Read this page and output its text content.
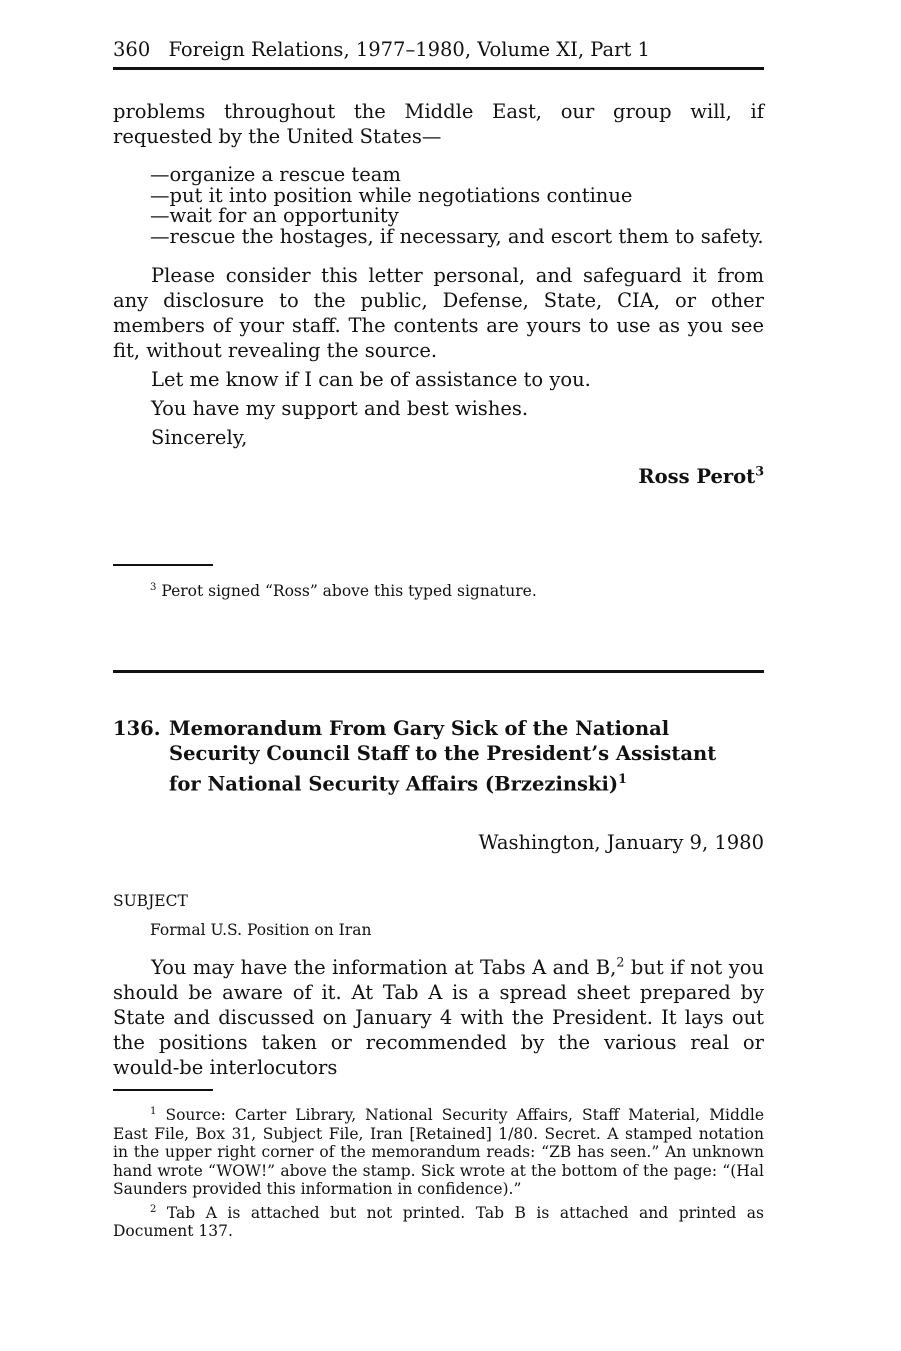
360 Foreign Relations, 1977–1980, Volume XI, Part 1

problems throughout the Middle East, our group will, if requested by the United States—

—organize a rescue team
—put it into position while negotiations continue
—wait for an opportunity
—rescue the hostages, if necessary, and escort them to safety.

Please consider this letter personal, and safeguard it from any disclosure to the public, Defense, State, CIA, or other members of your staff. The contents are yours to use as you see fit, without revealing the source.

Let me know if I can be of assistance to you.

You have my support and best wishes.

Sincerely,

Ross Perot$^3$
$^3$ Perot signed “Ross” above this typed signature.
136. Memorandum From Gary Sick of the National Security Council Staff to the President’s Assistant for National Security Affairs (Brzezinski)$^1$
Washington, January 9, 1980
SUBJECT
Formal U.S. Position on Iran

You may have the information at Tabs A and B,$^2$ but if not you should be aware of it. At Tab A is a spread sheet prepared by State and discussed on January 4 with the President. It lays out the positions taken or recommended by the various real or would-be interlocutors

$^1$ Source: Carter Library, National Security Affairs, Staff Material, Middle East File, Box 31, Subject File, Iran [Retained] 1/80. Secret. A stamped notation in the upper right corner of the memorandum reads: “ZB has seen.” An unknown hand wrote “WOW!” above the stamp. Sick wrote at the bottom of the page: “(Hal Saunders provided this information in confidence).”

$^2$ Tab A is attached but not printed. Tab B is attached and printed as Document 137.
